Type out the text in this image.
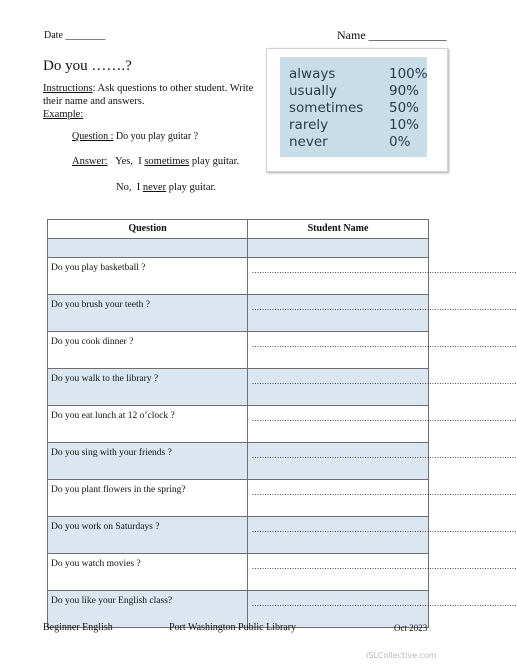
Date ________	Name _____________
Do you …….?
Instructions: Ask questions to other student. Write their name and answers.
Example:
Question : Do you play guitar ?
Answer:   Yes,  I sometimes play guitar.
No,  I never play guitar.
always	100%
usually	90%
sometimes 50%
rarely	10%
never	0%
Question	Student Name

Do you play basketball ?	..........................................................................................................
Do you brush your teeth ?	..........................................................................................................
Do you cook dinner ?	..........................................................................................................
Do you walk to the library ?	..........................................................................................................
Do you eat lunch at 12 o’clock ?	..........................................................................................................
Do you sing with your friends ?	..........................................................................................................
Do you plant flowers in the spring?	..........................................................................................................
Do you work on Saturdays ?	..........................................................................................................
Do you watch movies ?	..........................................................................................................
Do you like your English class?	..........................................................................................................
Beginner English	Port Washington Public Library	Oct 2023
iSLCollective.com
